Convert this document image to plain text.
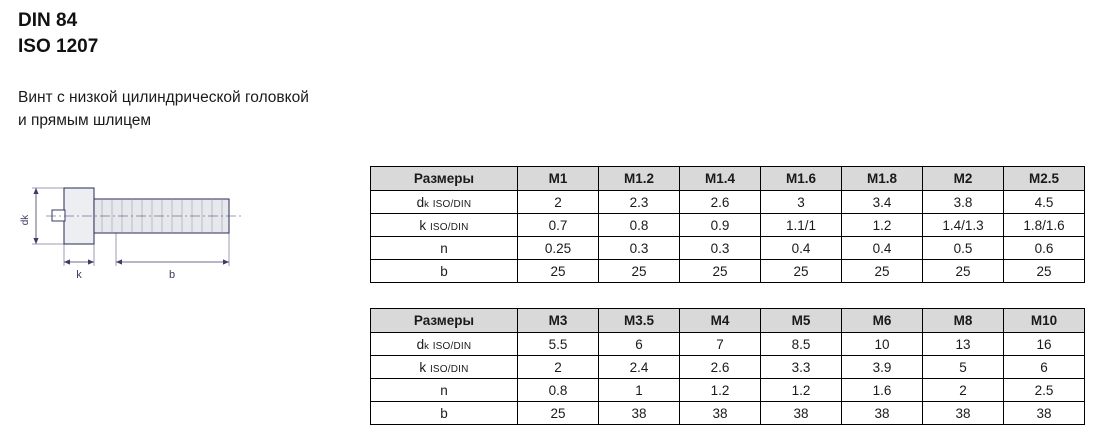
DIN 84
ISO 1207
Винт с низкой цилиндрической головкой
и прямым шлицем
dk
k	b
Размеры	M1	M1.2	M1.4	M1.6	M1.8	M2	M2.5
dk ISO/DIN	2	2.3	2.6	3	3.4	3.8	4.5
k ISO/DIN	0.7	0.8	0.9	1.1/1	1.2	1.4/1.3	1.8/1.6
n	0.25	0.3	0.3	0.4	0.4	0.5	0.6
b	25	25	25	25	25	25	25
Размеры	M3	M3.5	M4	M5	M6	M8	M10
dk ISO/DIN	5.5	6	7	8.5	10	13	16
k ISO/DIN	2	2.4	2.6	3.3	3.9	5	6
n	0.8	1	1.2	1.2	1.6	2	2.5
b	25	38	38	38	38	38	38
